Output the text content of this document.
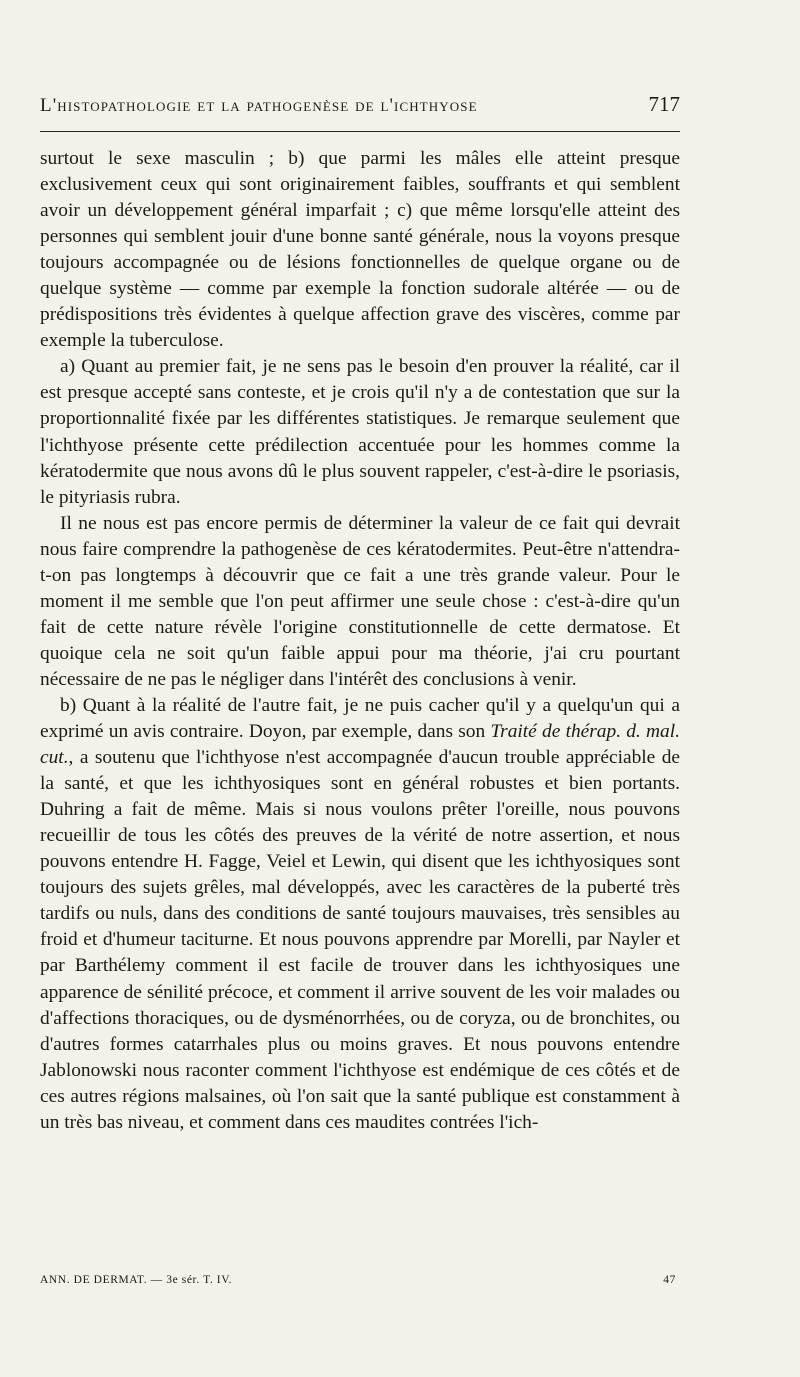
L'histopathologie et la pathogenèse de l'ichthyose	717

surtout le sexe masculin ; b) que parmi les mâles elle atteint presque exclusivement ceux qui sont originairement faibles, souffrants et qui semblent avoir un développement général imparfait ; c) que même lorsqu'elle atteint des personnes qui semblent jouir d'une bonne santé générale, nous la voyons presque toujours accompagnée ou de lésions fonctionnelles de quelque organe ou de quelque système — comme par exemple la fonction sudorale altérée — ou de prédispositions très évidentes à quelque affection grave des viscères, comme par exemple la tuberculose.

a) Quant au premier fait, je ne sens pas le besoin d'en prouver la réalité, car il est presque accepté sans conteste, et je crois qu'il n'y a de contestation que sur la proportionnalité fixée par les différentes statistiques. Je remarque seulement que l'ichthyose présente cette prédilection accentuée pour les hommes comme la kératodermite que nous avons dû le plus souvent rappeler, c'est-à-dire le psoriasis, le pityriasis rubra.

Il ne nous est pas encore permis de déterminer la valeur de ce fait qui devrait nous faire comprendre la pathogenèse de ces kératodermites. Peut-être n'attendra-t-on pas longtemps à découvrir que ce fait a une très grande valeur. Pour le moment il me semble que l'on peut affirmer une seule chose : c'est-à-dire qu'un fait de cette nature révèle l'origine constitutionnelle de cette dermatose. Et quoique cela ne soit qu'un faible appui pour ma théorie, j'ai cru pourtant nécessaire de ne pas le négliger dans l'intérêt des conclusions à venir.

b) Quant à la réalité de l'autre fait, je ne puis cacher qu'il y a quelqu'un qui a exprimé un avis contraire. Doyon, par exemple, dans son Traité de thérap. d. mal. cut., a soutenu que l'ichthyose n'est accompagnée d'aucun trouble appréciable de la santé, et que les ichthyosiques sont en général robustes et bien portants. Duhring a fait de même. Mais si nous voulons prêter l'oreille, nous pouvons recueillir de tous les côtés des preuves de la vérité de notre assertion, et nous pouvons entendre H. Fagge, Veiel et Lewin, qui disent que les ichthyosiques sont toujours des sujets grêles, mal développés, avec les caractères de la puberté très tardifs ou nuls, dans des conditions de santé toujours mauvaises, très sensibles au froid et d'humeur taciturne. Et nous pouvons apprendre par Morelli, par Nayler et par Barthélemy comment il est facile de trouver dans les ichthyosiques une apparence de sénilité précoce, et comment il arrive souvent de les voir malades ou d'affections thoraciques, ou de dysménorrhées, ou de coryza, ou de bronchites, ou d'autres formes catarrhales plus ou moins graves. Et nous pouvons entendre Jablonowski nous raconter comment l'ichthyose est endémique de ces côtés et de ces autres régions malsaines, où l'on sait que la santé publique est constamment à un très bas niveau, et comment dans ces maudites contrées l'ich-

ANN. DE DERMAT. — 3e sér. T. IV.	47
